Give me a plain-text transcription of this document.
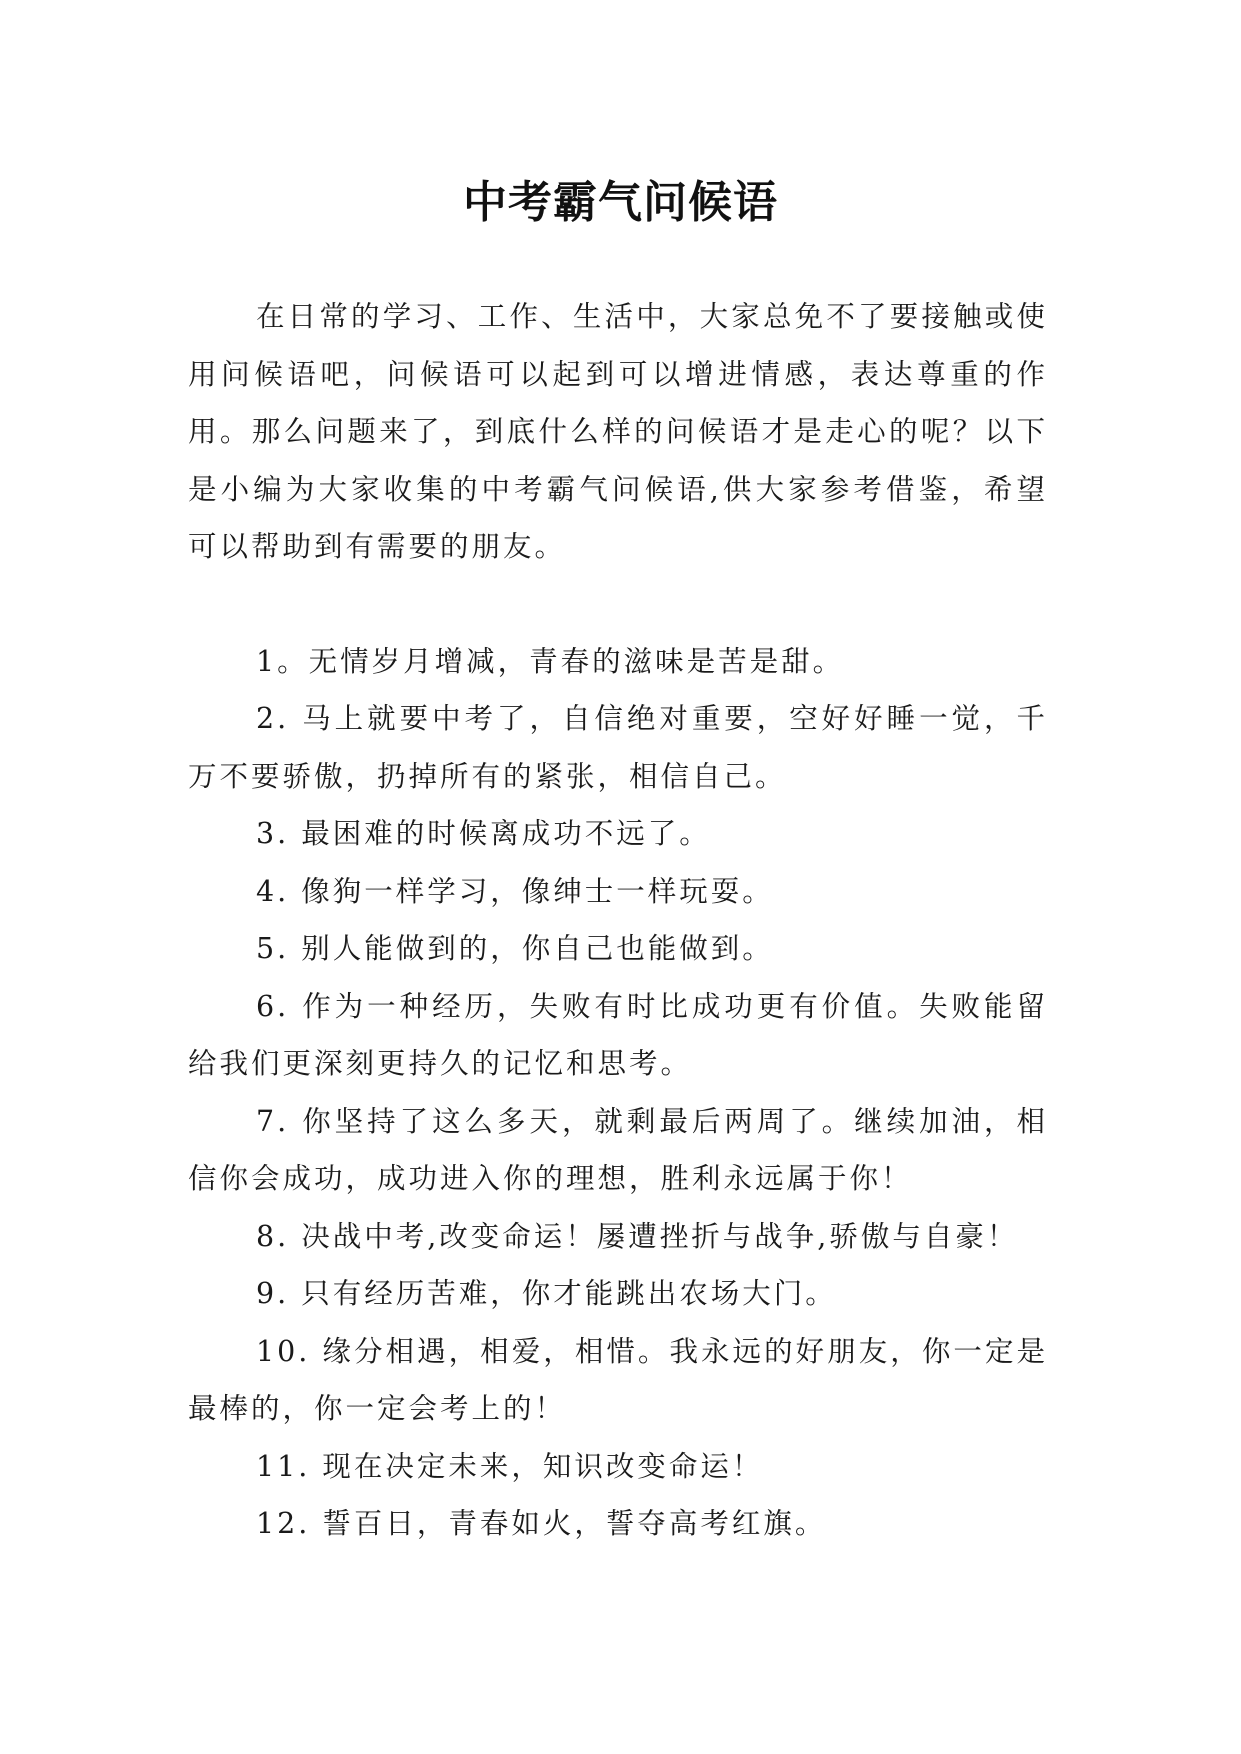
中考霸气问候语

在日常的学习、工作、生活中，大家总免不了要接触或使用问候语吧，问候语可以起到可以增进情感，表达尊重的作用。那么问题来了，到底什么样的问候语才是走心的呢？以下是小编为大家收集的中考霸气问候语,供大家参考借鉴，希望可以帮助到有需要的朋友。

1。无情岁月增减，青春的滋味是苦是甜。

2. 马上就要中考了，自信绝对重要，空好好睡一觉，千万不要骄傲，扔掉所有的紧张，相信自己。

3. 最困难的时候离成功不远了。

4. 像狗一样学习，像绅士一样玩耍。

5. 别人能做到的，你自己也能做到。

6. 作为一种经历，失败有时比成功更有价值。失败能留给我们更深刻更持久的记忆和思考。

7. 你坚持了这么多天，就剩最后两周了。继续加油，相信你会成功，成功进入你的理想，胜利永远属于你！

8. 决战中考,改变命运！屡遭挫折与战争,骄傲与自豪！

9. 只有经历苦难，你才能跳出农场大门。

10. 缘分相遇，相爱，相惜。我永远的好朋友，你一定是最棒的，你一定会考上的！

11. 现在决定未来，知识改变命运！

12. 誓百日，青春如火，誓夺高考红旗。
